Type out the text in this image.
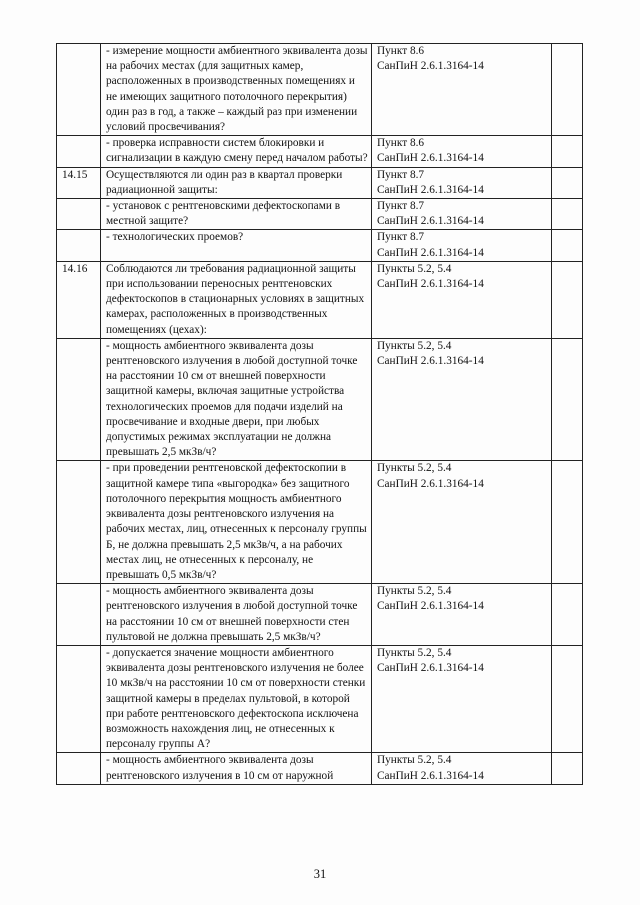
	- измерение мощности амбиентного эквивалента дозы на рабочих местах (для защитных камер, расположенных в производственных помещениях и не имеющих защитного потолочного перекрытия) один раз в год, а также – каждый раз при изменении условий просвечивания?	Пункт 8.6
СанПиН 2.6.1.3164-14	

	- проверка исправности систем блокировки и сигнализации в каждую смену перед началом работы?	Пункт 8.6
СанПиН 2.6.1.3164-14	

14.15	Осуществляются ли один раз в квартал проверки радиационной защиты:	Пункт 8.7
СанПиН 2.6.1.3164-14	

	- установок с рентгеновскими дефектоскопами в местной защите?	Пункт 8.7
СанПиН 2.6.1.3164-14	

	- технологических проемов?	Пункт 8.7
СанПиН 2.6.1.3164-14	

14.16	Соблюдаются ли требования радиационной защиты при использовании переносных рентгеновских дефектоскопов в стационарных условиях в защитных камерах, расположенных в производственных помещениях (цехах):	Пункты 5.2, 5.4
СанПиН 2.6.1.3164-14	

	- мощность амбиентного эквивалента дозы рентгеновского излучения в любой доступной точке на расстоянии 10 см от внешней поверхности защитной камеры, включая защитные устройства технологических проемов для подачи изделий на просвечивание и входные двери, при любых допустимых режимах эксплуатации не должна превышать 2,5 мкЗв/ч?	Пункты 5.2, 5.4
СанПиН 2.6.1.3164-14	

	- при проведении рентгеновской дефектоскопии в защитной камере типа «выгородка» без защитного потолочного перекрытия мощность амбиентного эквивалента дозы рентгеновского излучения на рабочих местах, лиц, отнесенных к персоналу группы Б, не должна превышать 2,5 мкЗв/ч, а на рабочих местах лиц, не отнесенных к персоналу, не превышать 0,5 мкЗв/ч?	Пункты 5.2, 5.4
СанПиН 2.6.1.3164-14	

	- мощность амбиентного эквивалента дозы рентгеновского излучения в любой доступной точке на расстоянии 10 см от внешней поверхности стен пультовой не должна превышать 2,5 мкЗв/ч?	Пункты 5.2, 5.4
СанПиН 2.6.1.3164-14	

	- допускается значение мощности амбиентного эквивалента дозы рентгеновского излучения не более 10 мкЗв/ч на расстоянии 10 см от поверхности стенки защитной камеры в пределах пультовой, в которой при работе рентгеновского дефектоскопа исключена возможность нахождения лиц, не отнесенных к персоналу группы А?	Пункты 5.2, 5.4
СанПиН 2.6.1.3164-14	

	- мощность амбиентного эквивалента дозы рентгеновского излучения в 10 см от наружной	Пункты 5.2, 5.4
СанПиН 2.6.1.3164-14	

31
